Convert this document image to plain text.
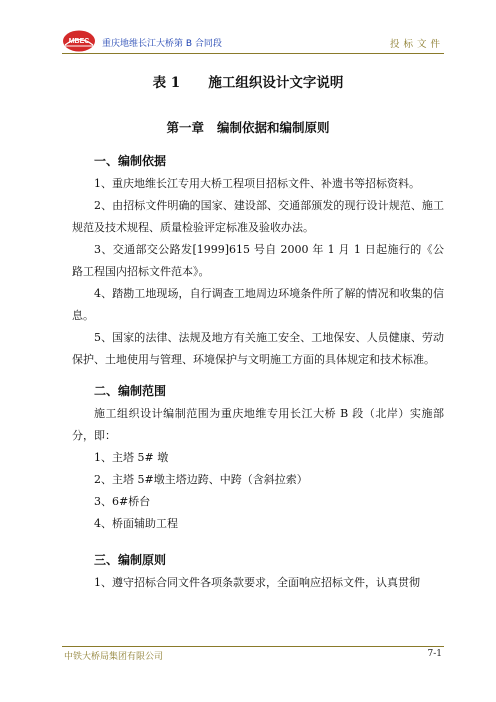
MBEC 重庆地维长江大桥第 B 合同段	投标文件
表 1      施工组织设计文字说明
第一章   编制依据和编制原则
一、编制依据

1、重庆地维长江专用大桥工程项目招标文件、补遗书等招标资料。

2、由招标文件明确的国家、建设部、交通部颁发的现行设计规范、施工规范及技术规程、质量检验评定标准及验收办法。

3、交通部交公路发[1999]615 号自 2000 年 1 月 1 日起施行的《公路工程国内招标文件范本》。

4、踏勘工地现场，自行调查工地周边环境条件所了解的情况和收集的信息。

5、国家的法律、法规及地方有关施工安全、工地保安、人员健康、劳动保护、土地使用与管理、环境保护与文明施工方面的具体规定和技术标准。

二、编制范围

施工组织设计编制范围为重庆地维专用长江大桥 B 段（北岸）实施部分，即：

1、主塔 5# 墩

2、主塔 5#墩主塔边跨、中跨（含斜拉索）

3、6#桥台

4、桥面辅助工程

三、编制原则

1、遵守招标合同文件各项条款要求，全面响应招标文件，认真贯彻

中铁大桥局集团有限公司	7-1
